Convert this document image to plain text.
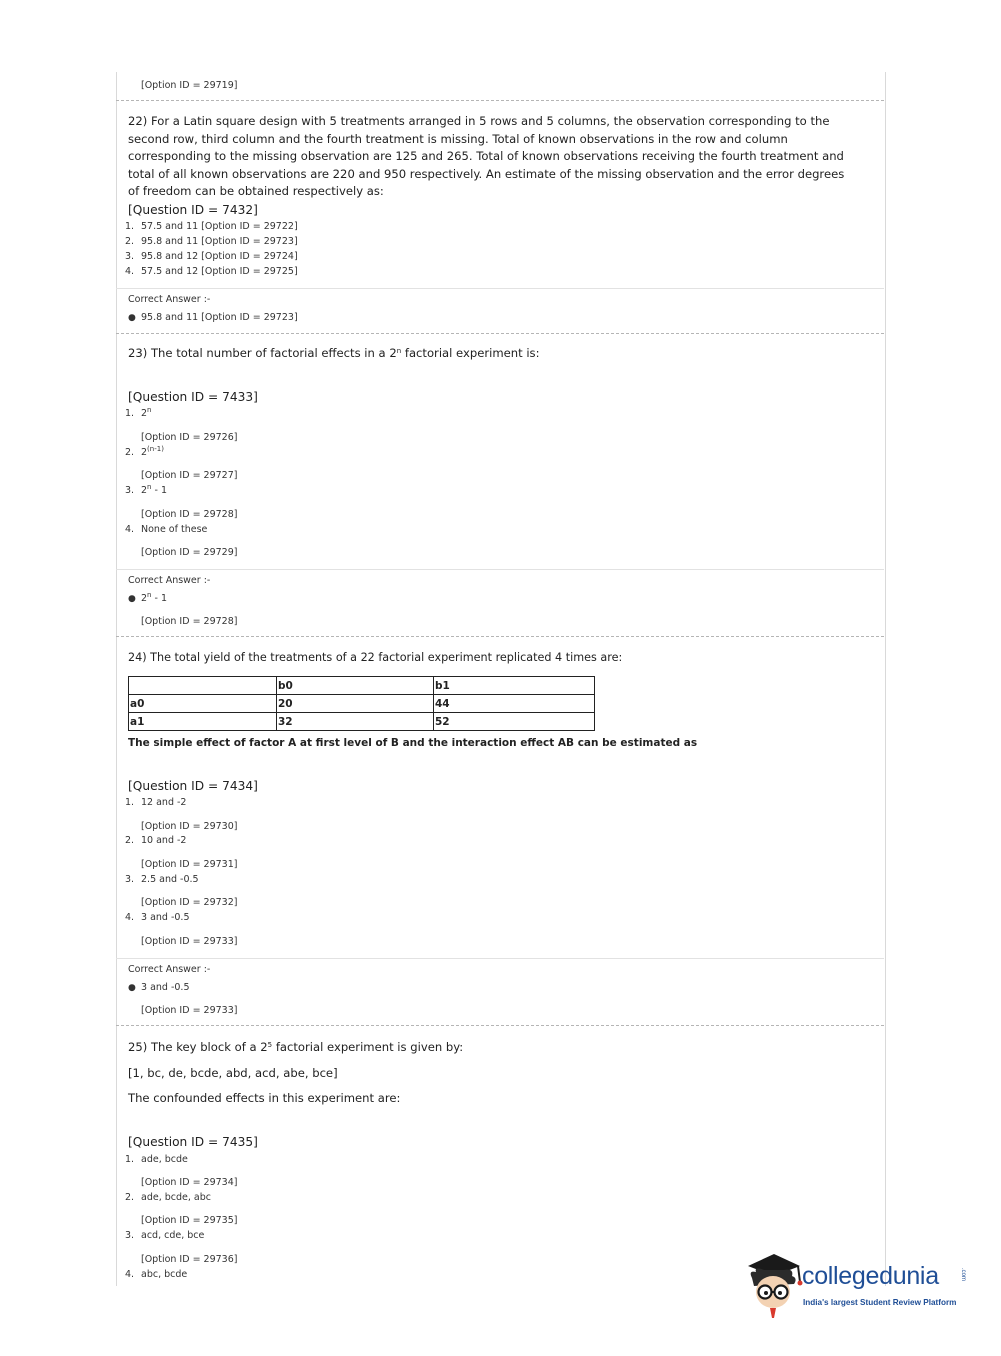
[Option ID = 29719]
22) For a Latin square design with 5 treatments arranged in 5 rows and 5 columns, the observation corresponding to the
second row, third column and the fourth treatment is missing. Total of known observations in the row and column
corresponding to the missing observation are 125 and 265. Total of known observations receiving the fourth treatment and
total of all known observations are 220 and 950 respectively. An estimate of the missing observation and the error degrees
of freedom can be obtained respectively as:
[Question ID = 7432]
1. 57.5 and 11 [Option ID = 29722]
2. 95.8 and 11 [Option ID = 29723]
3. 95.8 and 12 [Option ID = 29724]
4. 57.5 and 12 [Option ID = 29725]
Correct Answer :-
● 95.8 and 11 [Option ID = 29723]
23) The total number of factorial effects in a 2$^n$ factorial experiment is:
[Question ID = 7433]
1. 2$^n$
[Option ID = 29726]
2. 2$^{(n-1)}$
[Option ID = 29727]
3. 2$^n$ - 1
[Option ID = 29728]
4. None of these
[Option ID = 29729]
Correct Answer :-
● 2$^n$ - 1
[Option ID = 29728]
24) The total yield of the treatments of a 22 factorial experiment replicated 4 times are:
	b0	b1
a0	20	44
a1	32	52
The simple effect of factor A at first level of B and the interaction effect AB can be estimated as
[Question ID = 7434]
1. 12 and -2
[Option ID = 29730]
2. 10 and -2
[Option ID = 29731]
3. 2.5 and -0.5
[Option ID = 29732]
4. 3 and -0.5
[Option ID = 29733]
Correct Answer :-
● 3 and -0.5
[Option ID = 29733]
25) The key block of a $2^5$ factorial experiment is given by:
[1, bc, de, bcde, abd, acd, abe, bce]
The confounded effects in this experiment are:
[Question ID = 7435]
1. ade, bcde
[Option ID = 29734]
2. ade, bcde, abc
[Option ID = 29735]
3. acd, cde, bce
[Option ID = 29736]
4. abc, bcde	collegedunia	.com
India's largest Student Review Platform
